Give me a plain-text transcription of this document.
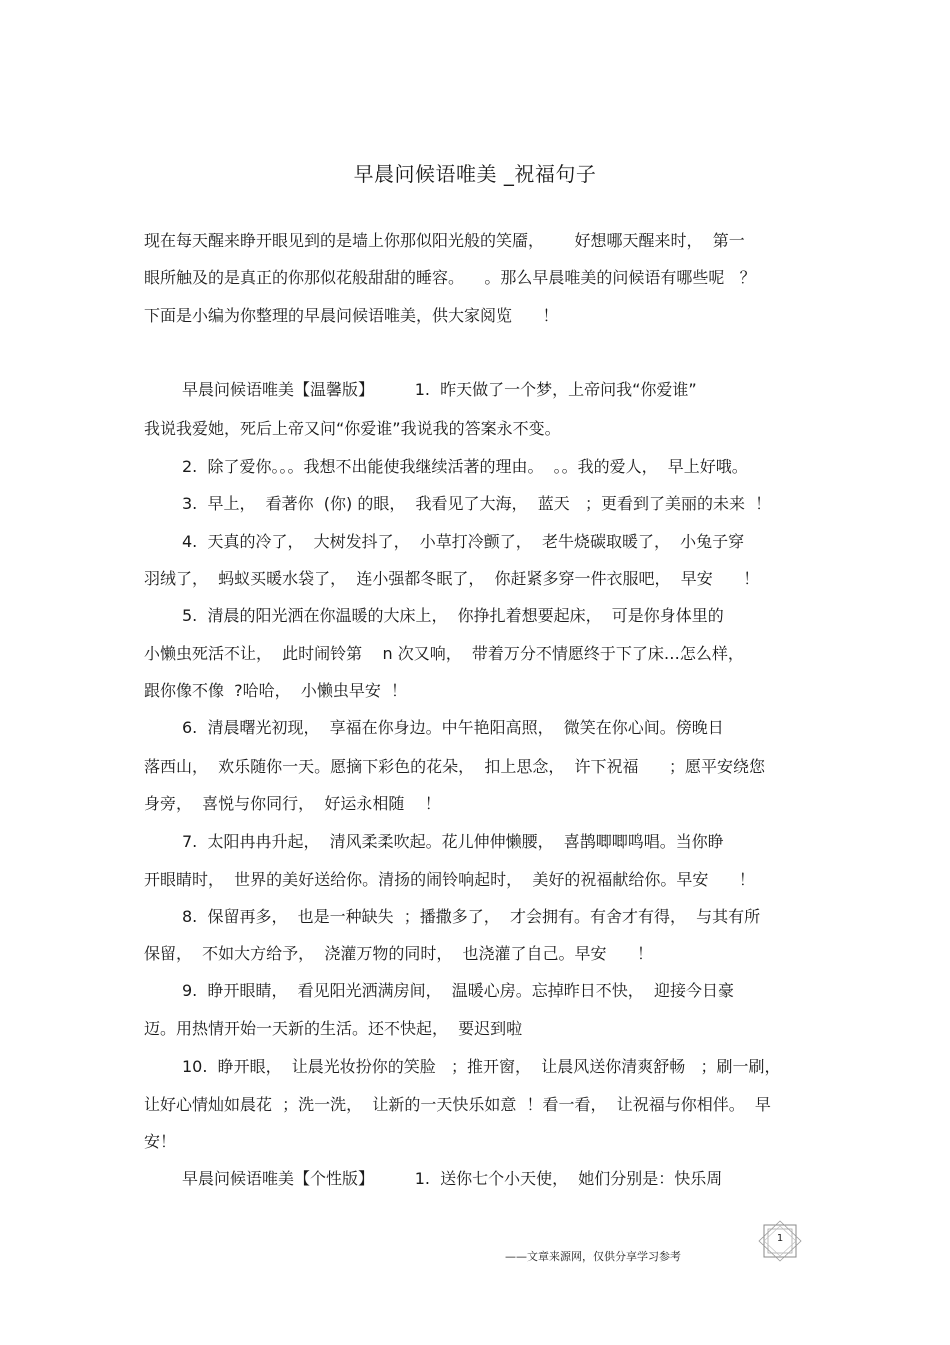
早晨问候语唯美 _祝福句子
现在每天醒来睁开眼见到的是墙上你那似阳光般的笑靥，      好想哪天醒来时，  第一
眼所触及的是真正的你那似花般甜甜的睡容。    。那么早晨唯美的问候语有哪些呢   ？
下面是小编为你整理的早晨问候语唯美，供大家阅览      ！
早晨问候语唯美【温馨版】        1.  昨天做了一个梦，上帝问我“你爱谁”
我说我爱她，死后上帝又问“你爱谁”我说我的答案永不变。
2.  除了爱你。。。我想不出能使我继续活著的理由。  。。我的爱人，  早上好哦。
3.  早上，  看著你  (你) 的眼，  我看见了大海，  蓝天   ；更看到了美丽的未来  ！
4.  天真的冷了，  大树发抖了，  小草打冷颤了，  老牛烧碳取暖了，  小兔子穿
羽绒了，  蚂蚁买暖水袋了，  连小强都冬眠了，  你赶紧多穿一件衣服吧，  早安      ！
5.  清晨的阳光洒在你温暖的大床上，  你挣扎着想要起床，  可是你身体里的
小懒虫死活不让，  此时闹铃第    n 次又响，  带着万分不情愿终于下了床…怎么样，
跟你像不像  ?哈哈，  小懒虫早安  ！
6.  清晨曙光初现，  享福在你身边。中午艳阳高照，  微笑在你心间。傍晚日
落西山，  欢乐随你一天。愿摘下彩色的花朵，  扣上思念，  许下祝福      ；愿平安绕您
身旁，  喜悦与你同行，  好运永相随    ！
7.  太阳冉冉升起，  清风柔柔吹起。花儿伸伸懒腰，  喜鹊唧唧鸣唱。当你睁
开眼睛时，  世界的美好送给你。清扬的闹铃响起时，  美好的祝福献给你。早安      ！
8.  保留再多，  也是一种缺失  ；播撒多了，  才会拥有。有舍才有得，  与其有所
保留，  不如大方给予，  浇灌万物的同时，  也浇灌了自己。早安      ！
9.  睁开眼睛，  看见阳光洒满房间，  温暖心房。忘掉昨日不快，  迎接今日豪
迈。用热情开始一天新的生活。还不快起，  要迟到啦
10.  睁开眼，  让晨光妆扮你的笑脸   ；推开窗，  让晨风送你清爽舒畅   ；刷一刷，
让好心情灿如晨花  ；洗一洗，  让新的一天快乐如意  ！看一看，  让祝福与你相伴。  早
安！
早晨问候语唯美【个性版】        1.  送你七个小天使，  她们分别是：快乐周
——文章来源网，仅供分享学习参考
1
